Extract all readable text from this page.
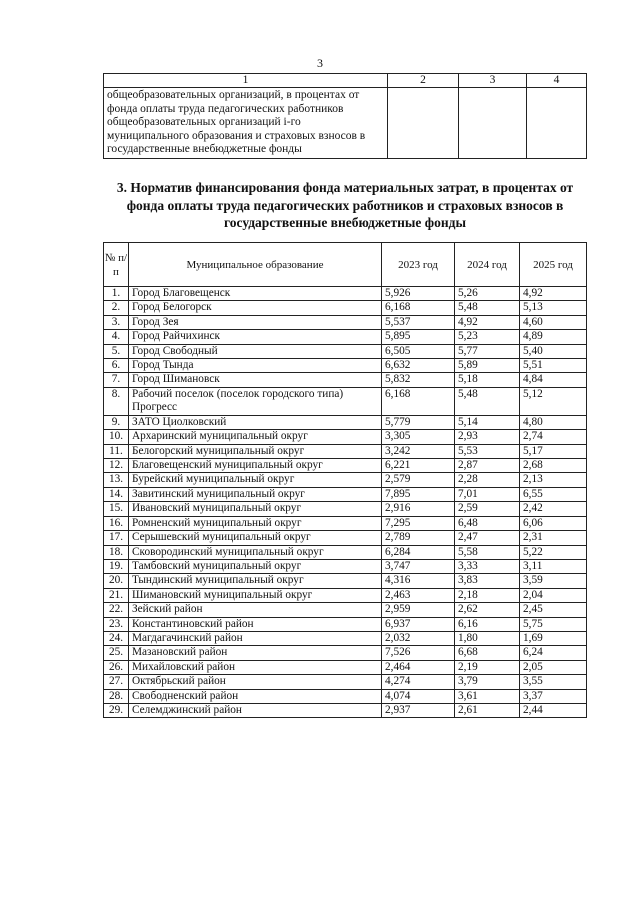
3
1	2	3	4
общеобразовательных организаций, в процентах от фонда оплаты труда педагогических работников общеобразовательных организаций i-го муниципального образования и страховых взносов в государственные внебюджетные фонды			
3. Норматив финансирования фонда материальных затрат, в процентах от фонда оплаты труда педагогических работников и страховых взносов в государственные внебюджетные фонды
№ п/п	Муниципальное образование	2023 год	2024 год	2025 год
1.	Город Благовещенск	5,926	5,26	4,92
2.	Город Белогорск	6,168	5,48	5,13
3.	Город Зея	5,537	4,92	4,60
4.	Город Райчихинск	5,895	5,23	4,89
5.	Город Свободный	6,505	5,77	5,40
6.	Город Тында	6,632	5,89	5,51
7.	Город Шимановск	5,832	5,18	4,84
8.	Рабочий поселок (поселок городского типа) Прогресс	6,168	5,48	5,12
9.	ЗАТО Циолковский	5,779	5,14	4,80
10.	Архаринский муниципальный округ	3,305	2,93	2,74
11.	Белогорский муниципальный округ	3,242	5,53	5,17
12.	Благовещенский муниципальный округ	6,221	2,87	2,68
13.	Бурейский муниципальный округ	2,579	2,28	2,13
14.	Завитинский муниципальный округ	7,895	7,01	6,55
15.	Ивановский муниципальный округ	2,916	2,59	2,42
16.	Ромненский муниципальный округ	7,295	6,48	6,06
17.	Серышевский муниципальный округ	2,789	2,47	2,31
18.	Сковородинский муниципальный округ	6,284	5,58	5,22
19.	Тамбовский муниципальный округ	3,747	3,33	3,11
20.	Тындинский муниципальный округ	4,316	3,83	3,59
21.	Шимановский муниципальный округ	2,463	2,18	2,04
22.	Зейский район	2,959	2,62	2,45
23.	Константиновский район	6,937	6,16	5,75
24.	Магдагачинский район	2,032	1,80	1,69
25.	Мазановский район	7,526	6,68	6,24
26.	Михайловский район	2,464	2,19	2,05
27.	Октябрьский район	4,274	3,79	3,55
28.	Свободненский район	4,074	3,61	3,37
29.	Селемджинский район	2,937	2,61	2,44
